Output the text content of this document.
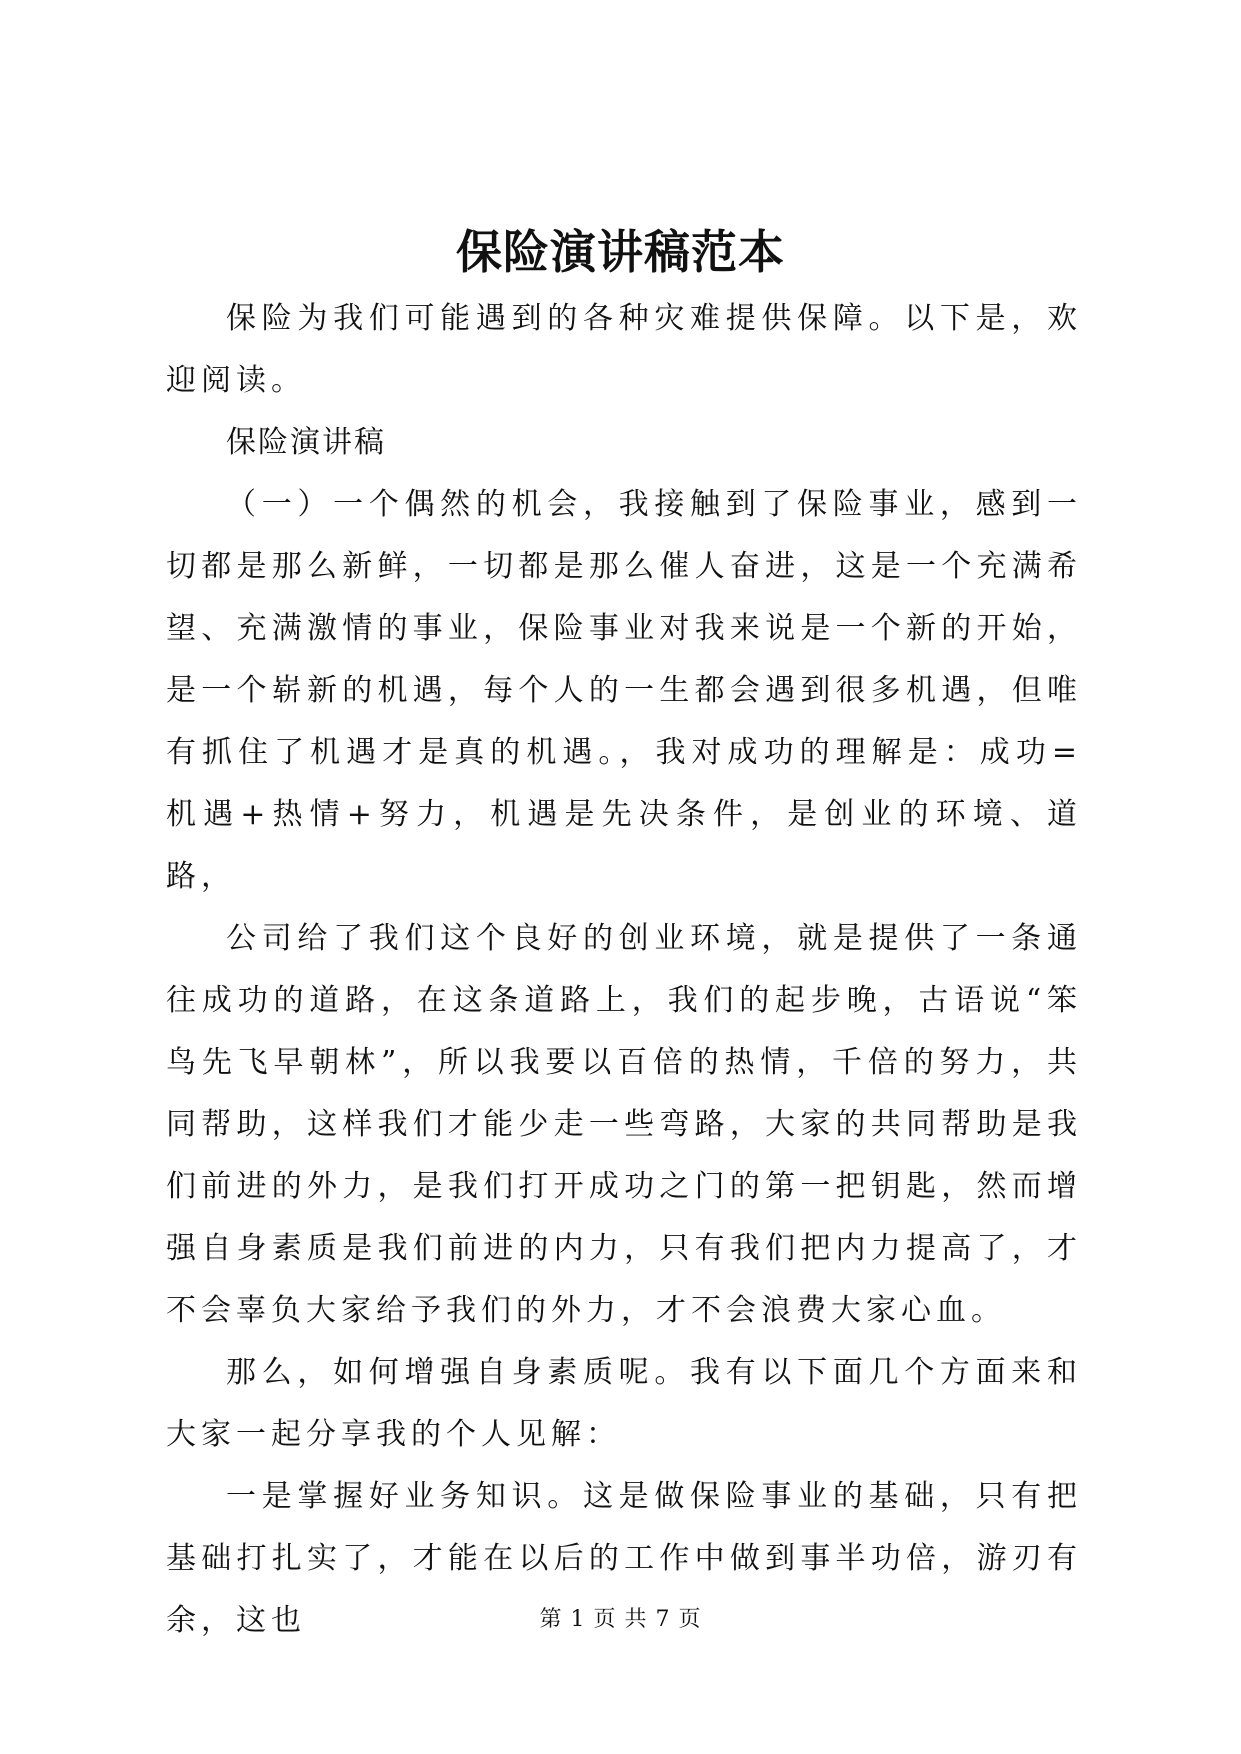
保险演讲稿范本

保险为我们可能遇到的各种灾难提供保障。以下是，欢迎阅读。

保险演讲稿

（一）一个偶然的机会，我接触到了保险事业，感到一切都是那么新鲜，一切都是那么催人奋进，这是一个充满希望、充满激情的事业，保险事业对我来说是一个新的开始，是一个崭新的机遇，每个人的一生都会遇到很多机遇，但唯有抓住了机遇才是真的机遇。，我对成功的理解是：成功=机遇+热情+努力，机遇是先决条件，是创业的环境、道路，

公司给了我们这个良好的创业环境，就是提供了一条通往成功的道路，在这条道路上，我们的起步晚，古语说“笨鸟先飞早朝林”，所以我要以百倍的热情，千倍的努力，共同帮助，这样我们才能少走一些弯路，大家的共同帮助是我们前进的外力，是我们打开成功之门的第一把钥匙，然而增强自身素质是我们前进的内力，只有我们把内力提高了，才不会辜负大家给予我们的外力，才不会浪费大家心血。

那么，如何增强自身素质呢。我有以下面几个方面来和大家一起分享我的个人见解：

一是掌握好业务知识。这是做保险事业的基础，只有把基础打扎实了，才能在以后的工作中做到事半功倍，游刃有余，这也	第 1 页 共 7 页
